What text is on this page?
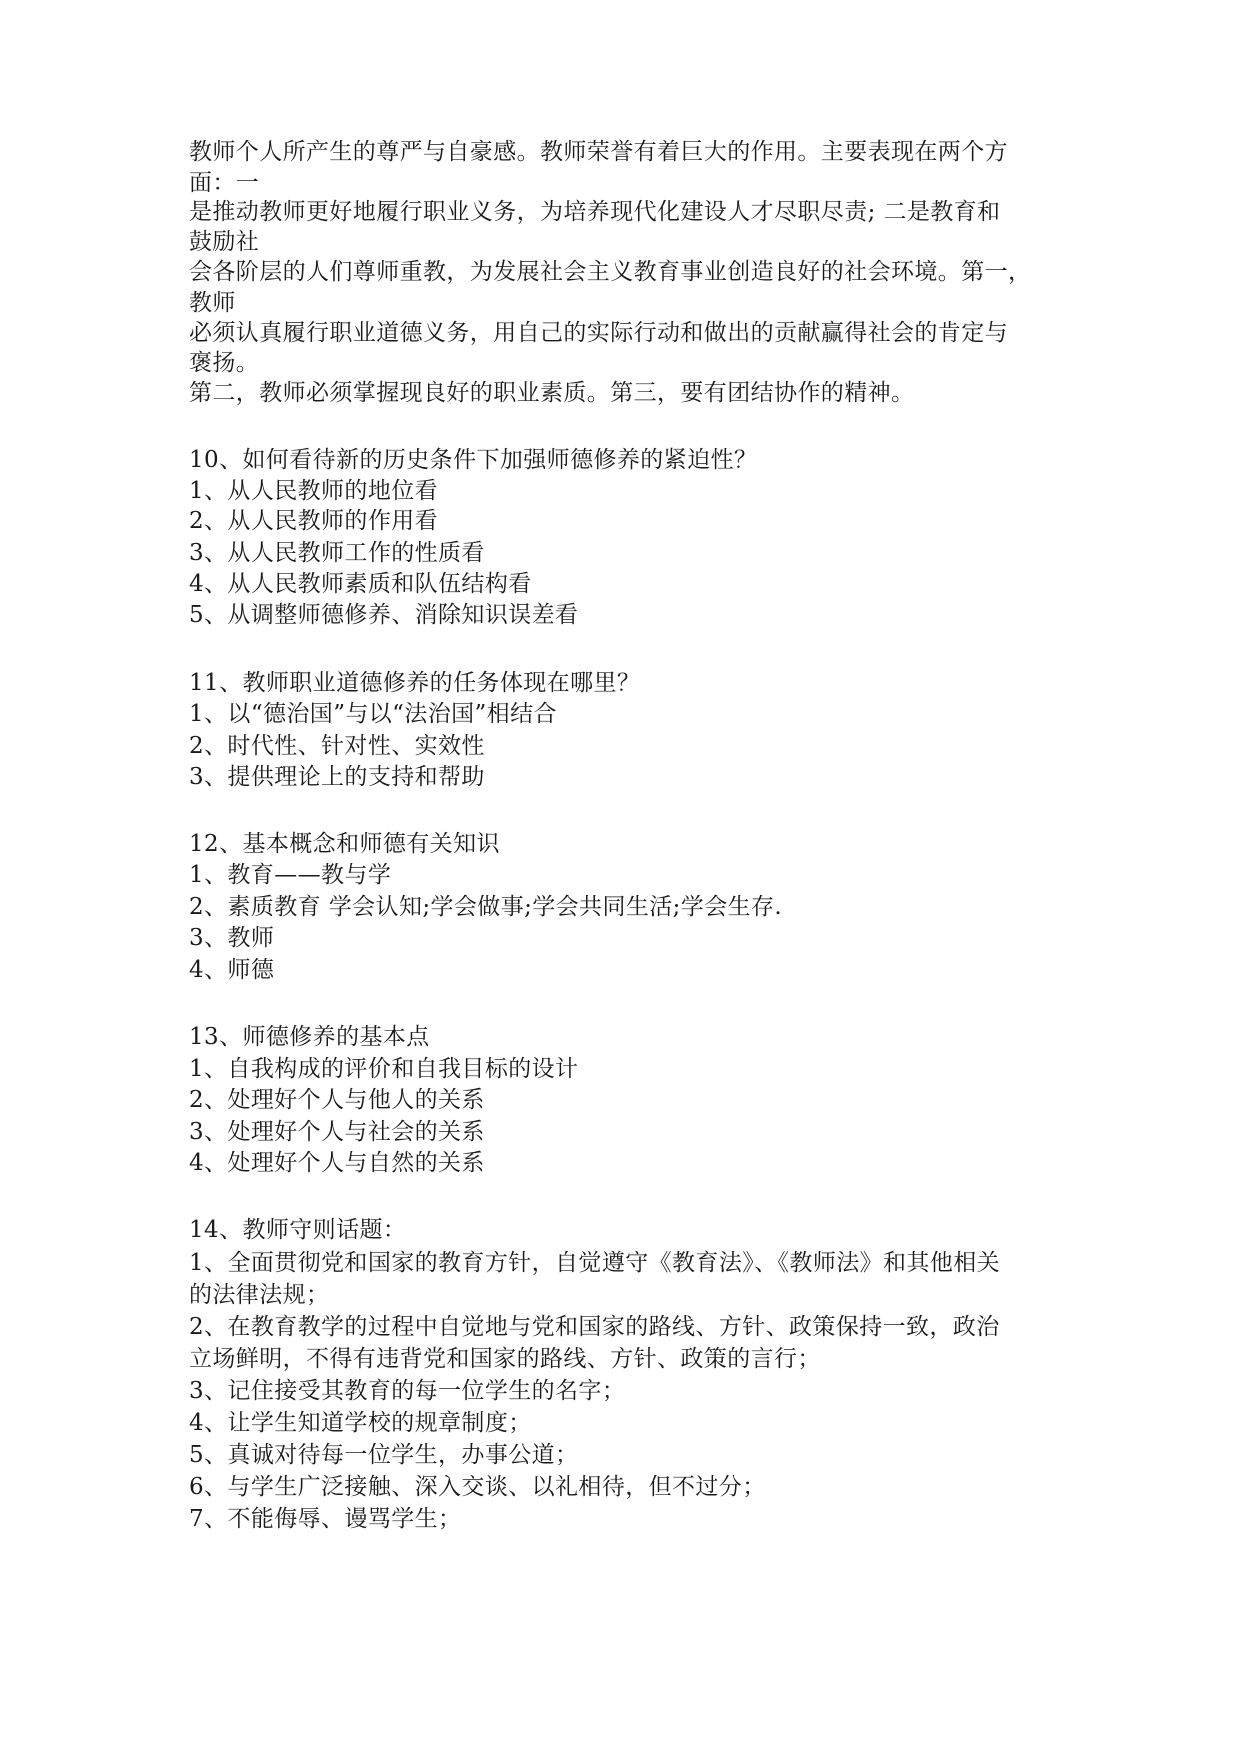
教师个人所产生的尊严与自豪感。教师荣誉有着巨大的作用。主要表现在两个方
面：一
是推动教师更好地履行职业义务，为培养现代化建设人才尽职尽责; 二是教育和
鼓励社
会各阶层的人们尊师重教，为发展社会主义教育事业创造良好的社会环境。第一，
教师
必须认真履行职业道德义务，用自己的实际行动和做出的贡献赢得社会的肯定与
褒扬。
第二，教师必须掌握现良好的职业素质。第三，要有团结协作的精神。
10、如何看待新的历史条件下加强师德修养的紧迫性？
1、从人民教师的地位看
2、从人民教师的作用看
3、从人民教师工作的性质看
4、从人民教师素质和队伍结构看
5、从调整师德修养、消除知识误差看
11、教师职业道德修养的任务体现在哪里？
1、以“德治国”与以“法治国”相结合
2、时代性、针对性、实效性
3、提供理论上的支持和帮助
12、基本概念和师德有关知识
1、教育——教与学
2、素质教育 学会认知;学会做事;学会共同生活;学会生存.
3、教师
4、师德
13、师德修养的基本点
1、自我构成的评价和自我目标的设计
2、处理好个人与他人的关系
3、处理好个人与社会的关系
4、处理好个人与自然的关系
14、教师守则话题：
1、全面贯彻党和国家的教育方针，自觉遵守《教育法》、《教师法》和其他相关
的法律法规；
2、在教育教学的过程中自觉地与党和国家的路线、方针、政策保持一致，政治
立场鲜明，不得有违背党和国家的路线、方针、政策的言行；
3、记住接受其教育的每一位学生的名字；
4、让学生知道学校的规章制度；
5、真诚对待每一位学生，办事公道；
6、与学生广泛接触、深入交谈、以礼相待，但不过分；
7、不能侮辱、谩骂学生；
